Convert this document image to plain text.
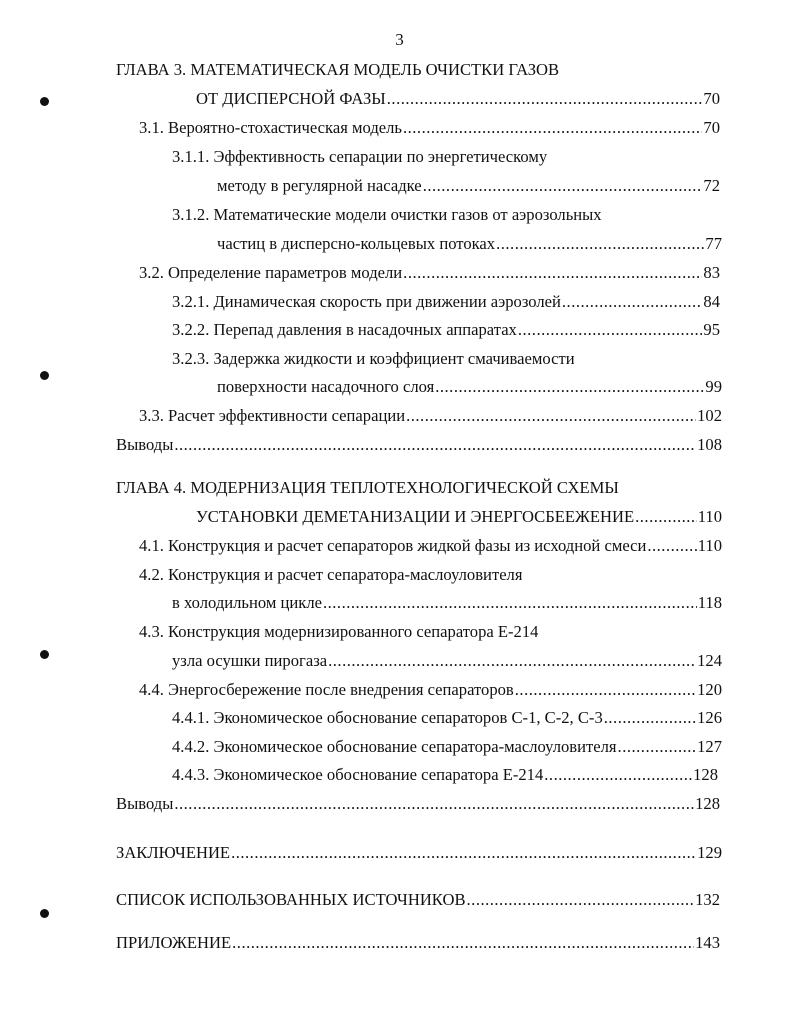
3
ГЛАВА 3. МАТЕМАТИЧЕСКАЯ МОДЕЛЬ ОЧИСТКИ ГАЗОВ
ОТ ДИСПЕРСНОЙ ФАЗЫ .....	70
3.1. Вероятно-стохастическая модель .....	70
3.1.1. Эффективность сепарации по энергетическому
методу в регулярной насадке .....	72
3.1.2. Математические модели очистки газов от аэрозольных
частиц в дисперсно-кольцевых потоках .....	77
3.2. Определение параметров модели .....	83
3.2.1. Динамическая скорость при движении аэрозолей .....	84
3.2.2. Перепад давления в насадочных аппаратах .....	95
3.2.3. Задержка жидкости и коэффициент смачиваемости
поверхности насадочного слоя .....	99
3.3. Расчет эффективности сепарации .....	102
Выводы .....	108
ГЛАВА 4. МОДЕРНИЗАЦИЯ ТЕПЛОТЕХНОЛОГИЧЕСКОЙ СХЕМЫ
УСТАНОВКИ ДЕМЕТАНИЗАЦИИ И ЭНЕРГОСБЕЕЖЕНИЕ .....	110
4.1. Конструкция и расчет сепараторов жидкой фазы из исходной смеси .....	110
4.2. Конструкция и расчет сепаратора-маслоуловителя
в холодильном цикле .....	118
4.3. Конструкция модернизированного сепаратора Е-214
узла осушки пирогаза .....	124
4.4. Энергосбережение после внедрения сепараторов .....	120
4.4.1. Экономическое обоснование сепараторов С-1, С-2, С-3 .....	126
4.4.2. Экономическое обоснование сепаратора-маслоуловителя .....	127
4.4.3. Экономическое обоснование сепаратора Е-214 .....	128
Выводы .....	128
ЗАКЛЮЧЕНИЕ .....	129
СПИСОК ИСПОЛЬЗОВАННЫХ ИСТОЧНИКОВ .....	132
ПРИЛОЖЕНИЕ .....	143
